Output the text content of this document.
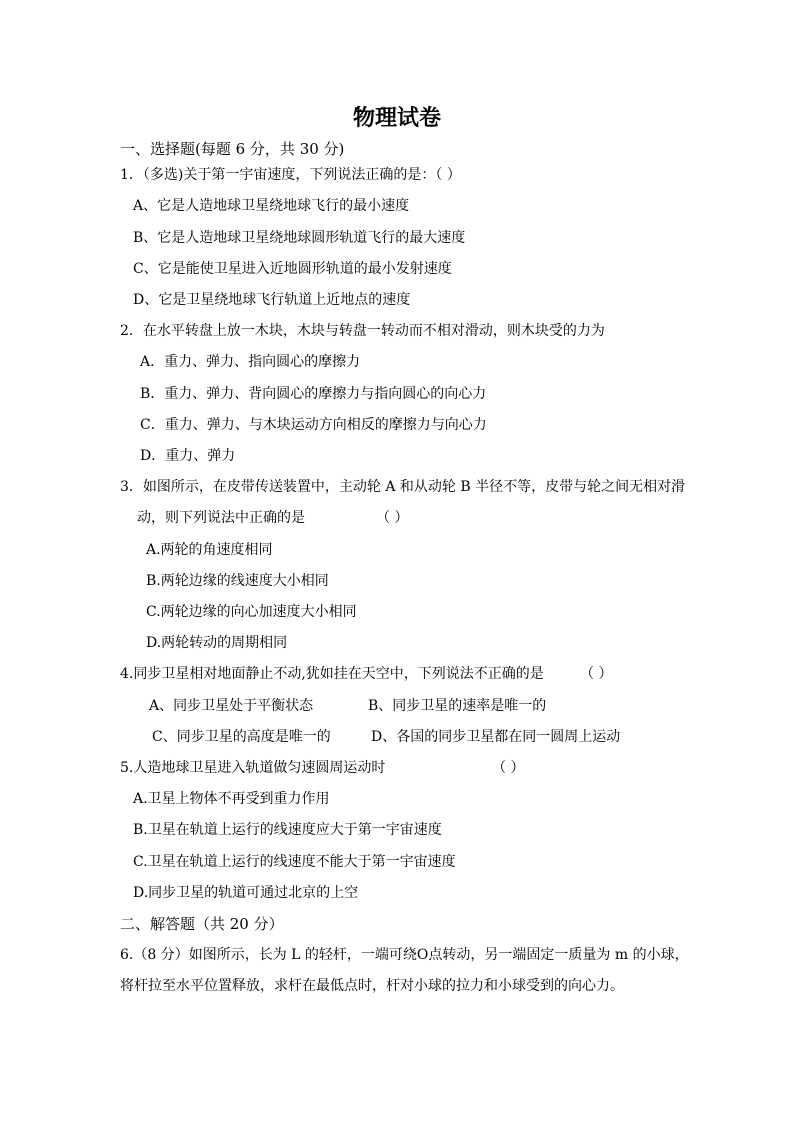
物理试卷
一、选择题(每题 6 分，共 30 分)
1．（多选)关于第一宇宙速度，下列说法正确的是：（ ）
A、它是人造地球卫星绕地球飞行的最小速度
B、它是人造地球卫星绕地球圆形轨道飞行的最大速度
C、它是能使卫星进入近地圆形轨道的最小发射速度
D、它是卫星绕地球飞行轨道上近地点的速度
2．在水平转盘上放一木块，木块与转盘一转动而不相对滑动，则木块受的力为
A．重力、弹力、指向圆心的摩擦力
B．重力、弹力、背向圆心的摩擦力与指向圆心的向心力
C．重力、弹力、与木块运动方向相反的摩擦力与向心力
D．重力、弹力
3．如图所示，在皮带传送装置中，主动轮 A 和从动轮 B 半径不等，皮带与轮之间无相对滑
动，则下列说法中正确的是	（ ）
A.两轮的角速度相同
B.两轮边缘的线速度大小相同
C.两轮边缘的向心加速度大小相同
D.两轮转动的周期相同
4.同步卫星相对地面静止不动,犹如挂在天空中，下列说法不正确的是	（ ）
A、同步卫星处于平衡状态	B、同步卫星的速率是唯一的
C、同步卫星的高度是唯一的	D、各国的同步卫星都在同一圆周上运动
5.人造地球卫星进入轨道做匀速圆周运动时	（ ）
A.卫星上物体不再受到重力作用
B.卫星在轨道上运行的线速度应大于第一宇宙速度
C.卫星在轨道上运行的线速度不能大于第一宇宙速度
D.同步卫星的轨道可通过北京的上空
二、解答题（共 20 分）
6.（8 分）如图所示，长为 L 的轻杆，一端可绕O点转动，另一端固定一质量为 m 的小球，
将杆拉至水平位置释放，求杆在最低点时，杆对小球的拉力和小球受到的向心力。
